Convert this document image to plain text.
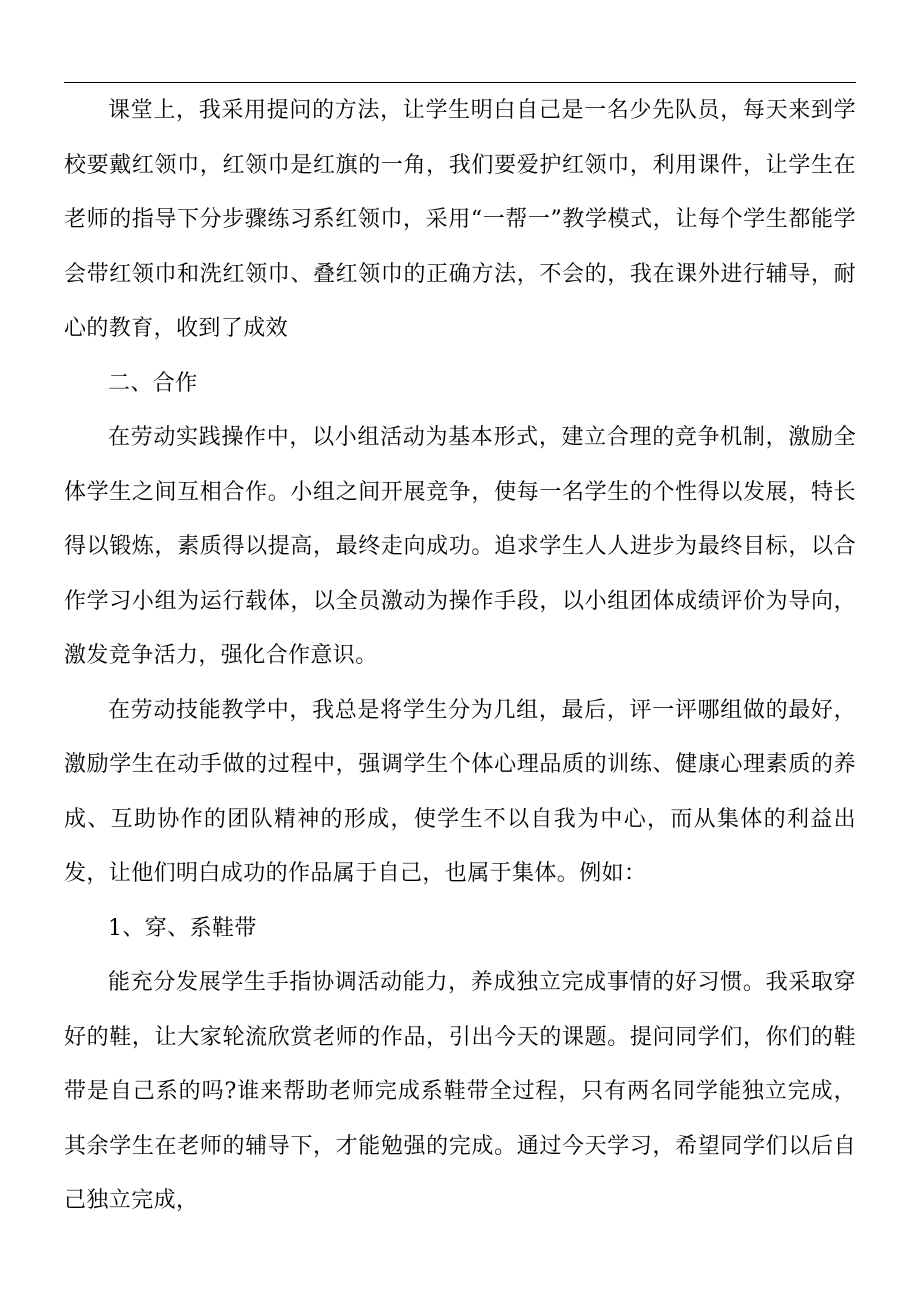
课堂上，我采用提问的方法，让学生明白自己是一名少先队员，每天来到学校要戴红领巾，红领巾是红旗的一角，我们要爱护红领巾，利用课件，让学生在老师的指导下分步骤练习系红领巾，采用“一帮一”教学模式，让每个学生都能学会带红领巾和洗红领巾、叠红领巾的正确方法，不会的，我在课外进行辅导，耐心的教育，收到了成效

二、合作

在劳动实践操作中，以小组活动为基本形式，建立合理的竞争机制，激励全体学生之间互相合作。小组之间开展竞争，使每一名学生的个性得以发展，特长得以锻炼，素质得以提高，最终走向成功。追求学生人人进步为最终目标，以合作学习小组为运行载体，以全员激动为操作手段，以小组团体成绩评价为导向，激发竞争活力，强化合作意识。

在劳动技能教学中，我总是将学生分为几组，最后，评一评哪组做的最好，激励学生在动手做的过程中，强调学生个体心理品质的训练、健康心理素质的养成、互助协作的团队精神的形成，使学生不以自我为中心，而从集体的利益出发，让他们明白成功的作品属于自己，也属于集体。例如：

1、穿、系鞋带

能充分发展学生手指协调活动能力，养成独立完成事情的好习惯。我采取穿好的鞋，让大家轮流欣赏老师的作品，引出今天的课题。提问同学们，你们的鞋带是自己系的吗?谁来帮助老师完成系鞋带全过程，只有两名同学能独立完成，其余学生在老师的辅导下，才能勉强的完成。通过今天学习，希望同学们以后自己独立完成，
